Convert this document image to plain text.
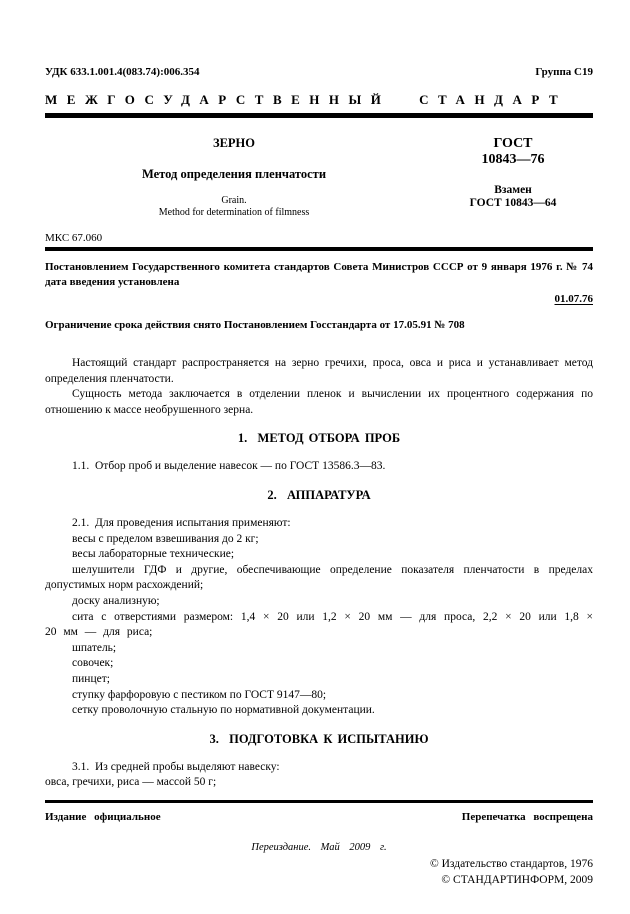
УДК 633.1.001.4(083.74):006.354	Группа С19
МЕЖГОСУДАРСТВЕННЫЙ СТАНДАРТ
ЗЕРНО
Метод определения пленчатости
Grain.
Method for determination of filmness
ГОСТ
10843—76
Взамен
ГОСТ 10843—64
МКС 67.060

Постановлением Государственного комитета стандартов Совета Министров СССР от 9 января 1976 г. № 74 дата введения установлена

01.07.76

Ограничение срока действия снято Постановлением Госстандарта от 17.05.91 № 708

Настоящий стандарт распространяется на зерно гречихи, проса, овса и риса и устанавливает метод определения пленчатости.

Сущность метода заключается в отделении пленок и вычислении их процентного содержания по отношению к массе необрушенного зерна.

1.  МЕТОД ОТБОРА ПРОБ

1.1.  Отбор проб и выделение навесок — по ГОСТ 13586.3—83.

2.  АППАРАТУРА

2.1.  Для проведения испытания применяют:

весы с пределом взвешивания до 2 кг;

весы лабораторные технические;

шелушители ГДФ и другие, обеспечивающие определение показателя пленчатости в пределах допустимых норм расхождений;

доску анализную;

сита с отверстиями размером: 1,4 × 20 или 1,2 × 20 мм — для проса, 2,2 × 20 или 1,8 × 20 мм — для риса;

шпатель;

совочек;

пинцет;

ступку фарфоровую с пестиком по ГОСТ 9147—80;

сетку проволочную стальную по нормативной документации.

3.  ПОДГОТОВКА К ИСПЫТАНИЮ

3.1.  Из средней пробы выделяют навеску:

овса, гречихи, риса — массой 50 г;

Издание официальное	Перепечатка воспрещена
Переиздание. Май 2009 г.
© Издательство стандартов, 1976
© СТАНДАРТИНФОРМ, 2009
